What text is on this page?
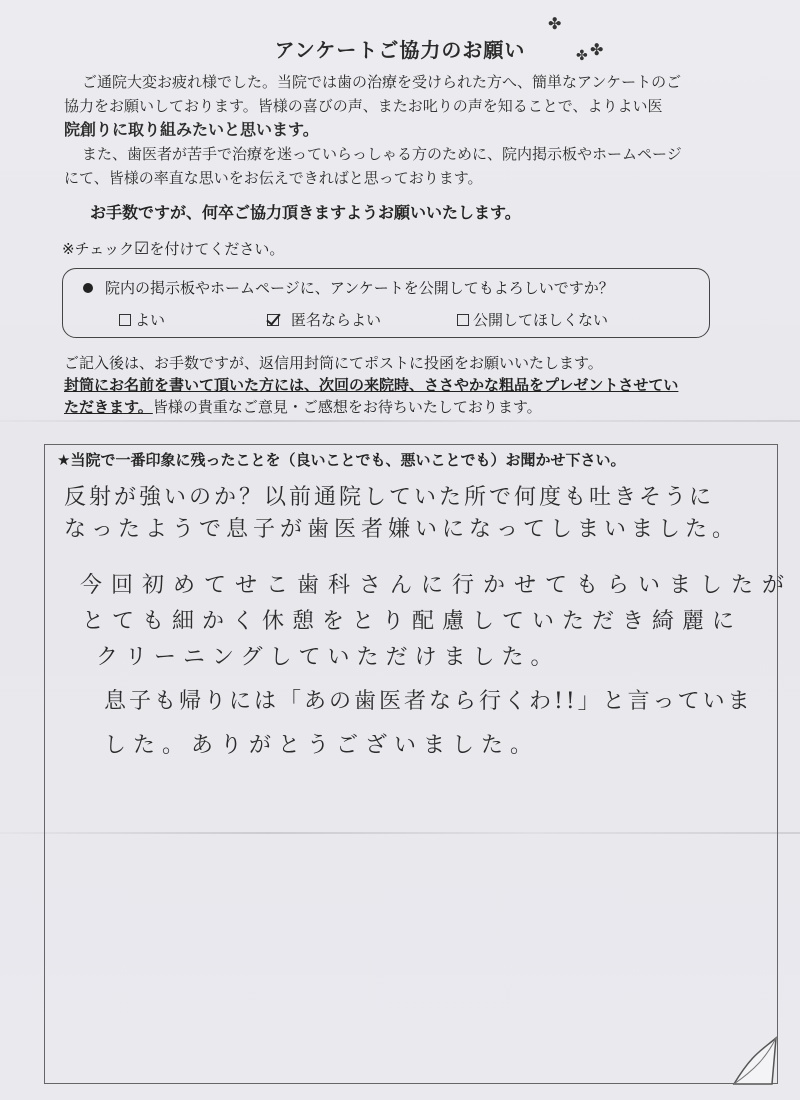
アンケートご協力のお願い
✤
✤ ✤

ご通院大変お疲れ様でした。当院では歯の治療を受けられた方へ、簡単なアンケートのご

協力をお願いしております。皆様の喜びの声、またお叱りの声を知ることで、よりよい医

院創りに取り組みたいと思います。

また、歯医者が苦手で治療を迷っていらっしゃる方のために、院内掲示板やホームページ

にて、皆様の率直な思いをお伝えできればと思っております。

お手数ですが、何卒ご協力頂きますようお願いいたします。
※チェック☑を付けてください。
院内の掲示板やホームページに、アンケートを公開してもよろしいですか？
よい	匿名ならよい	公開してほしくない

ご記入後は、お手数ですが、返信用封筒にてポストに投函をお願いいたします。

封筒にお名前を書いて頂いた方には、次回の来院時、ささやかな粗品をプレゼントさせてい

ただきます。皆様の貴重なご意見・ご感想をお待ちいたしております。

★当院で一番印象に残ったことを（良いことでも、悪いことでも）お聞かせ下さい。
反射が強いのか？以前通院していた所で何度も吐きそうに
なったようで息子が歯医者嫌いになってしまいました。
今回初めてせこ歯科さんに行かせてもらいましたが
とても細かく休憩をとり配慮していただき綺麗に
クリーニングしていただけました。
息子も帰りには「あの歯医者なら行くわ!!」と言っていま
した。ありがとうございました。
